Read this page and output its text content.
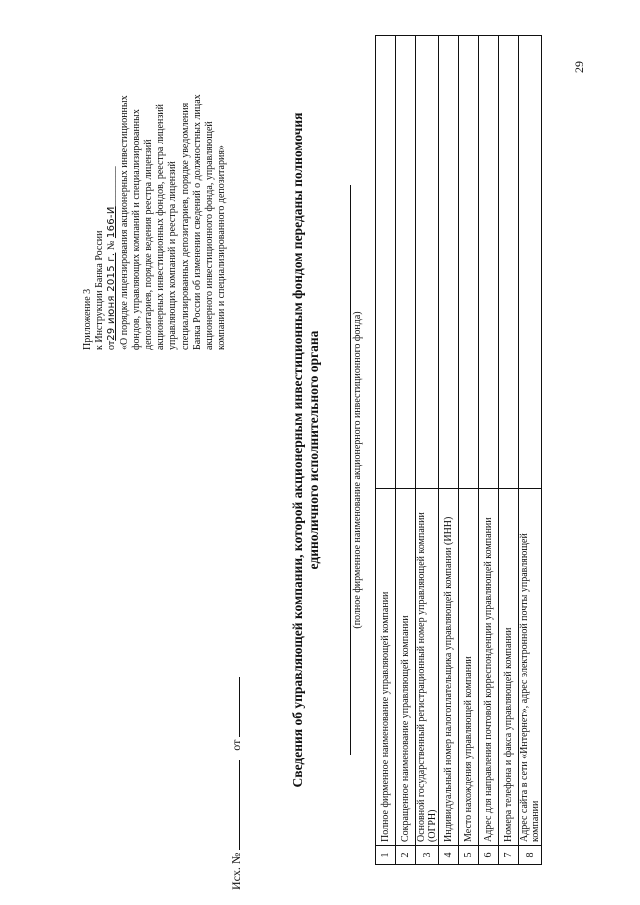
29
Приложение 3 к Инструкции Банка России от29 июня 2015 г. № 166-И________ «О порядке лицензирования акционерных инвестиционных фондов, управляющих компаний и специализированных депозитариев, порядке ведения реестра лицензий акционерных инвестиционных фондов, реестра лицензий управляющих компаний и реестра лицензий специализированных депозитариев, порядке уведомления Банка России об изменении сведений о должностных лицах акционерного инвестиционного фонда, управляющей компании и специализированного депозитария»
Исх. №  от	Сведения об управляющей компании, которой акционерным инвестиционным фондом переданы полномочия единоличного исполнительного органа	(полное фирменное наименование акционерного инвестиционного фонда)
1	Полное фирменное наименование управляющей компании	
2	Сокращенное наименование управляющей компании	
3	Основной государственный регистрационный номер управляющей компании (ОГРН)	
4	Индивидуальный номер налогоплательщика управляющей компании (ИНН)	
5	Место нахождения управляющей компании	
6	Адрес для направления почтовой корреспонденции управляющей компании	
7	Номера телефона и факса управляющей компании	
8	Адрес сайта в сети «Интернет», адрес электронной почты управляющей компании	
